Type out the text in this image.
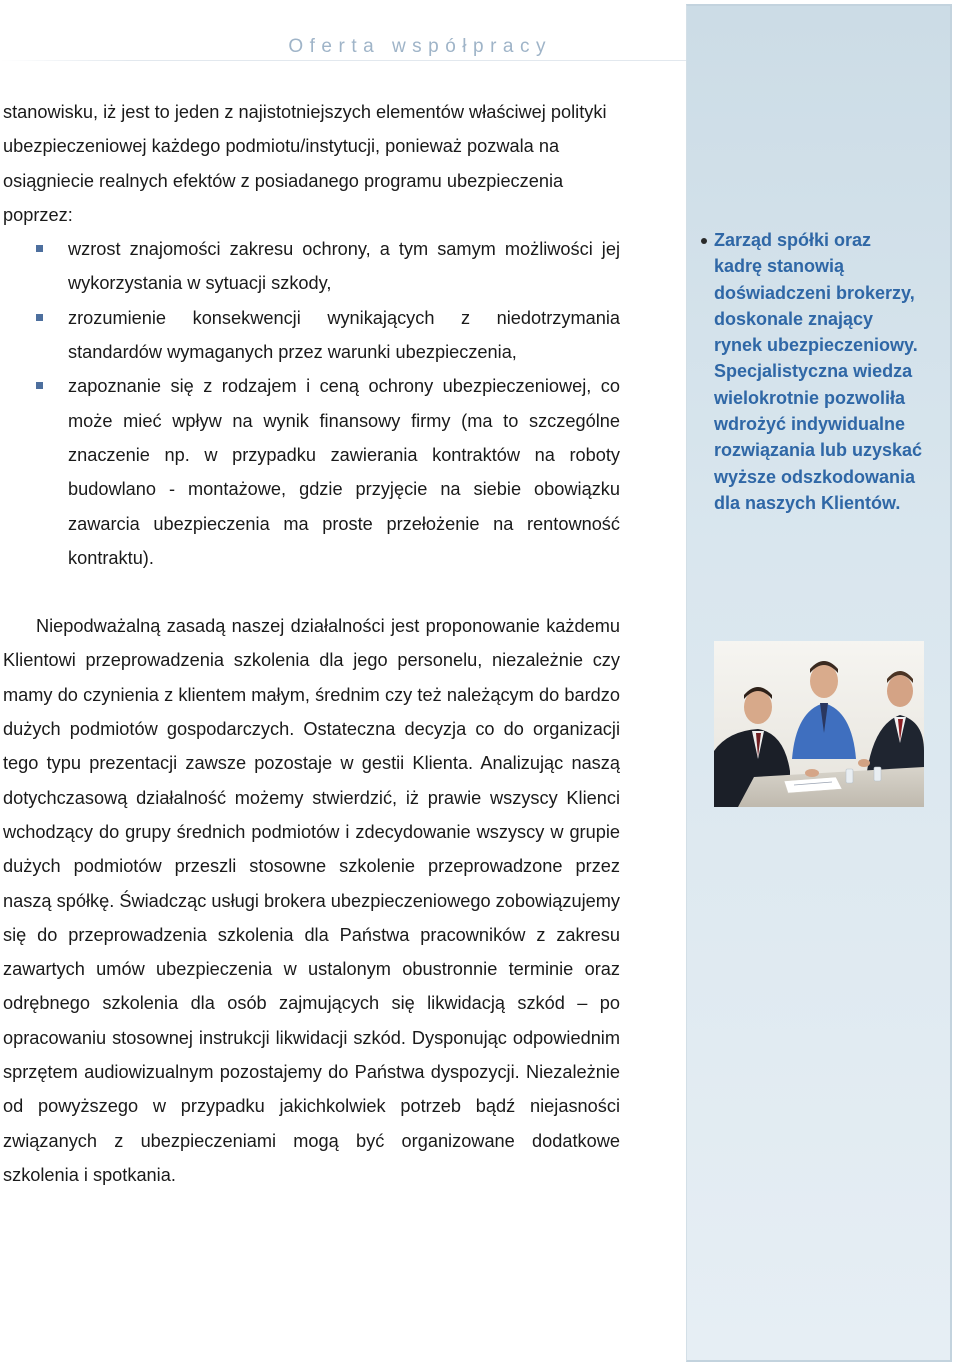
Oferta współpracy

stanowisku, iż jest to jeden z najistotniejszych elementów właściwej polityki ubezpieczeniowej każdego podmiotu/instytucji, ponieważ pozwala na osiągniecie realnych efektów z posiadanego programu ubezpieczenia poprzez:

wzrost znajomości zakresu ochrony, a tym samym możliwości jej wykorzystania w sytuacji szkody,
zrozumienie konsekwencji wynikających z niedotrzymania standardów wymaganych przez warunki ubezpieczenia,
zapoznanie się z rodzajem i ceną ochrony ubezpieczeniowej, co może mieć wpływ na wynik finansowy firmy (ma to szczególne znaczenie np. w przypadku zawierania kontraktów na roboty budowlano - montażowe, gdzie przyjęcie na siebie obowiązku zawarcia ubezpieczenia ma proste przełożenie na rentowność kontraktu).

Niepodważalną zasadą naszej działalności jest proponowanie każdemu Klientowi przeprowadzenia szkolenia dla jego personelu, niezależnie czy mamy do czynienia z klientem małym, średnim czy też należącym do bardzo dużych podmiotów gospodarczych. Ostateczna decyzja co do organizacji tego typu prezentacji zawsze pozostaje w gestii Klienta. Analizując naszą dotychczasową działalność możemy stwierdzić, iż prawie wszyscy Klienci wchodzący do grupy średnich podmiotów i zdecydowanie wszyscy w grupie dużych podmiotów przeszli stosowne szkolenie przeprowadzone przez naszą spółkę. Świadcząc usługi brokera ubezpieczeniowego zobowiązujemy się do przeprowadzenia szkolenia dla Państwa pracowników z zakresu zawartych umów ubezpieczenia w ustalonym obustronnie terminie oraz odrębnego szkolenia dla osób zajmujących się likwidacją szkód – po opracowaniu stosownej instrukcji likwidacji szkód. Dysponując odpowiednim sprzętem audiowizualnym pozostajemy do Państwa dyspozycji. Niezależnie od powyższego w przypadku jakichkolwiek potrzeb bądź niejasności związanych z ubezpieczeniami mogą być organizowane dodatkowe szkolenia i spotkania.

Zarząd spółki oraz kadrę stanowią doświadczeni brokerzy, doskonale znający rynek ubezpieczeniowy. Specjalistyczna wiedza wielokrotnie pozwoliła wdrożyć indywidualne rozwiązania lub uzyskać wyższe odszkodowania dla naszych Klientów.
